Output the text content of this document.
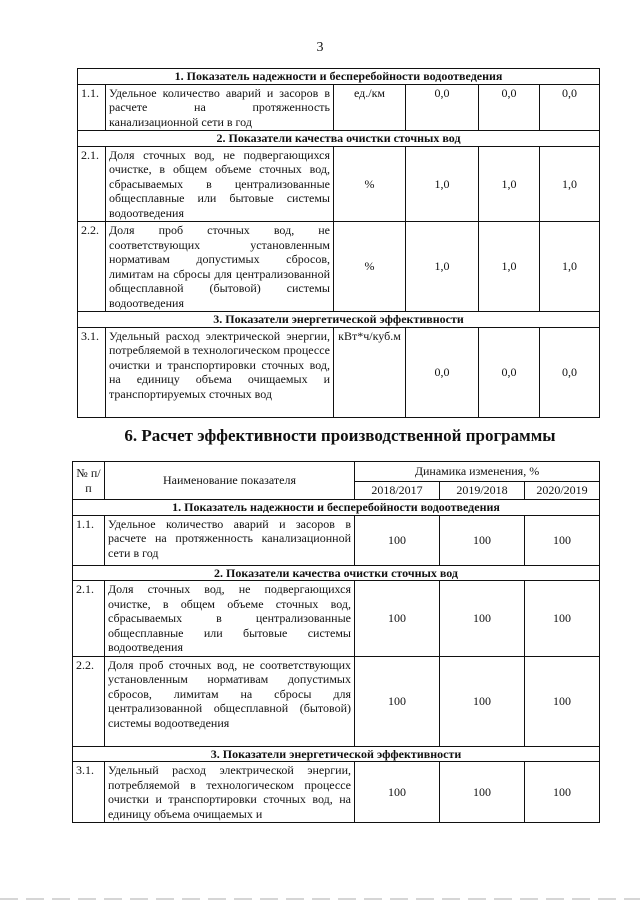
3
1. Показатель надежности и бесперебойности водоотведения					
1.1.	Удельное количество аварий и засоров в расчете на протяженность канализационной сети в год	ед./км	0,0	0,0	0,0
2. Показатели качества очистки сточных вод					
2.1.	Доля сточных вод, не подвергающихся очистке, в общем объеме сточных вод, сбрасываемых в централизованные общесплавные или бытовые системы водоотведения	%	1,0	1,0	1,0
2.2.	Доля проб сточных вод, не соответствующих установленным нормативам допустимых сбросов, лимитам на сбросы для централизованной общесплавной (бытовой) системы водоотведения	%	1,0	1,0	1,0
3. Показатели энергетической эффективности					
3.1.	Удельный расход электрической энергии, потребляемой в технологическом процессе очистки и транспортировки сточных вод, на единицу объема очищаемых и транспортируемых сточных вод	кВт*ч/куб.м	0,0	0,0	0,0
6. Расчет эффективности производственной программы
№ п/п	Наименование показателя	Динамика изменения, %		
		2018/2017	2019/2018	2020/2019
1. Показатель надежности и бесперебойности водоотведения				
1.1.	Удельное количество аварий и засоров в расчете на протяженность канализационной сети в год	100	100	100
2. Показатели качества очистки сточных вод				
2.1.	Доля сточных вод, не подвергающихся очистке, в общем объеме сточных вод, сбрасываемых в централизованные общесплавные или бытовые системы водоотведения	100	100	100
2.2.	Доля проб сточных вод, не соответствующих установленным нормативам допустимых сбросов, лимитам на сбросы для централизованной общесплавной (бытовой) системы водоотведения	100	100	100
3. Показатели энергетической эффективности				
3.1.	Удельный расход электрической энергии, потребляемой в технологическом процессе очистки и транспортировки сточных вод, на единицу объема очищаемых и	100	100	100
